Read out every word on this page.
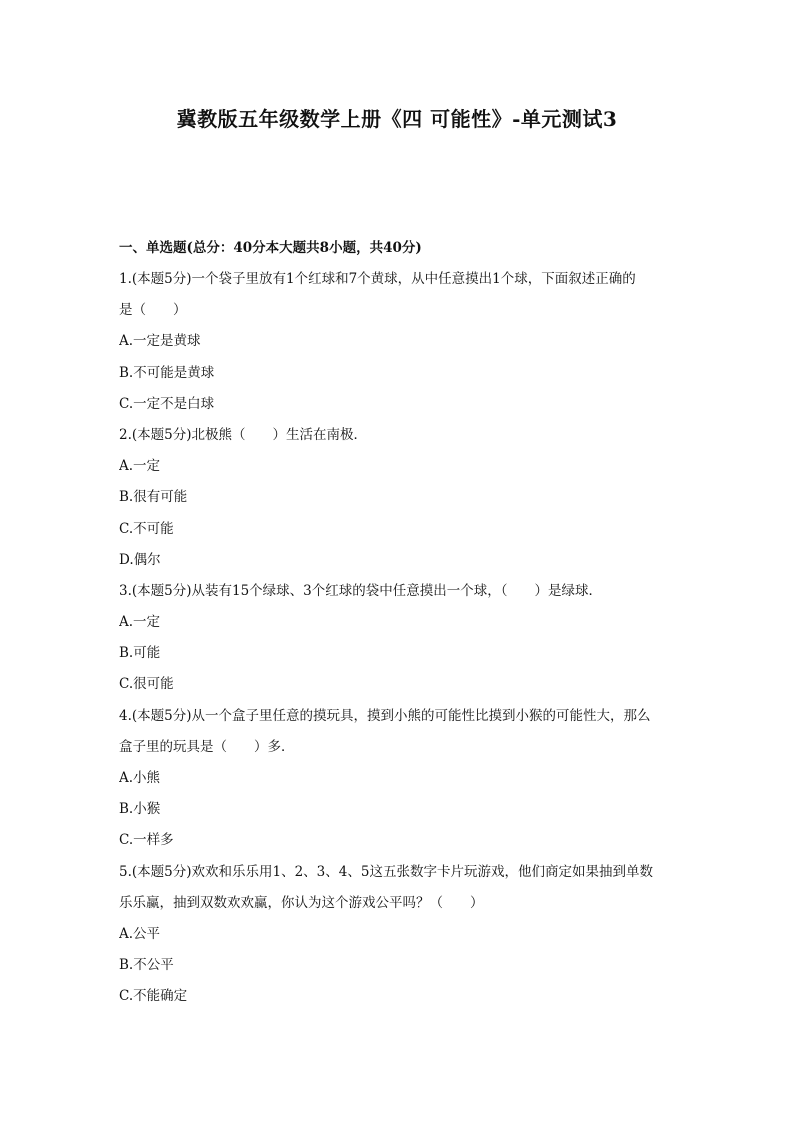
冀教版五年级数学上册《四 可能性》-单元测试3
一、单选题(总分：40分本大题共8小题，共40分)
1.(本题5分)一个袋子里放有1个红球和7个黄球，从中任意摸出1个球，下面叙述正确的
是（　　）
A.一定是黄球
B.不可能是黄球
C.一定不是白球
2.(本题5分)北极熊（　　）生活在南极．
A.一定
B.很有可能
C.不可能
D.偶尔
3.(本题5分)从装有15个绿球、3个红球的袋中任意摸出一个球，（　　）是绿球．
A.一定
B.可能
C.很可能
4.(本题5分)从一个盒子里任意的摸玩具，摸到小熊的可能性比摸到小猴的可能性大，那么
盒子里的玩具是（　　）多．
A.小熊
B.小猴
C.一样多
5.(本题5分)欢欢和乐乐用1、2、3、4、5这五张数字卡片玩游戏，他们商定如果抽到单数
乐乐赢，抽到双数欢欢赢，你认为这个游戏公平吗？（　　）
A.公平
B.不公平
C.不能确定
